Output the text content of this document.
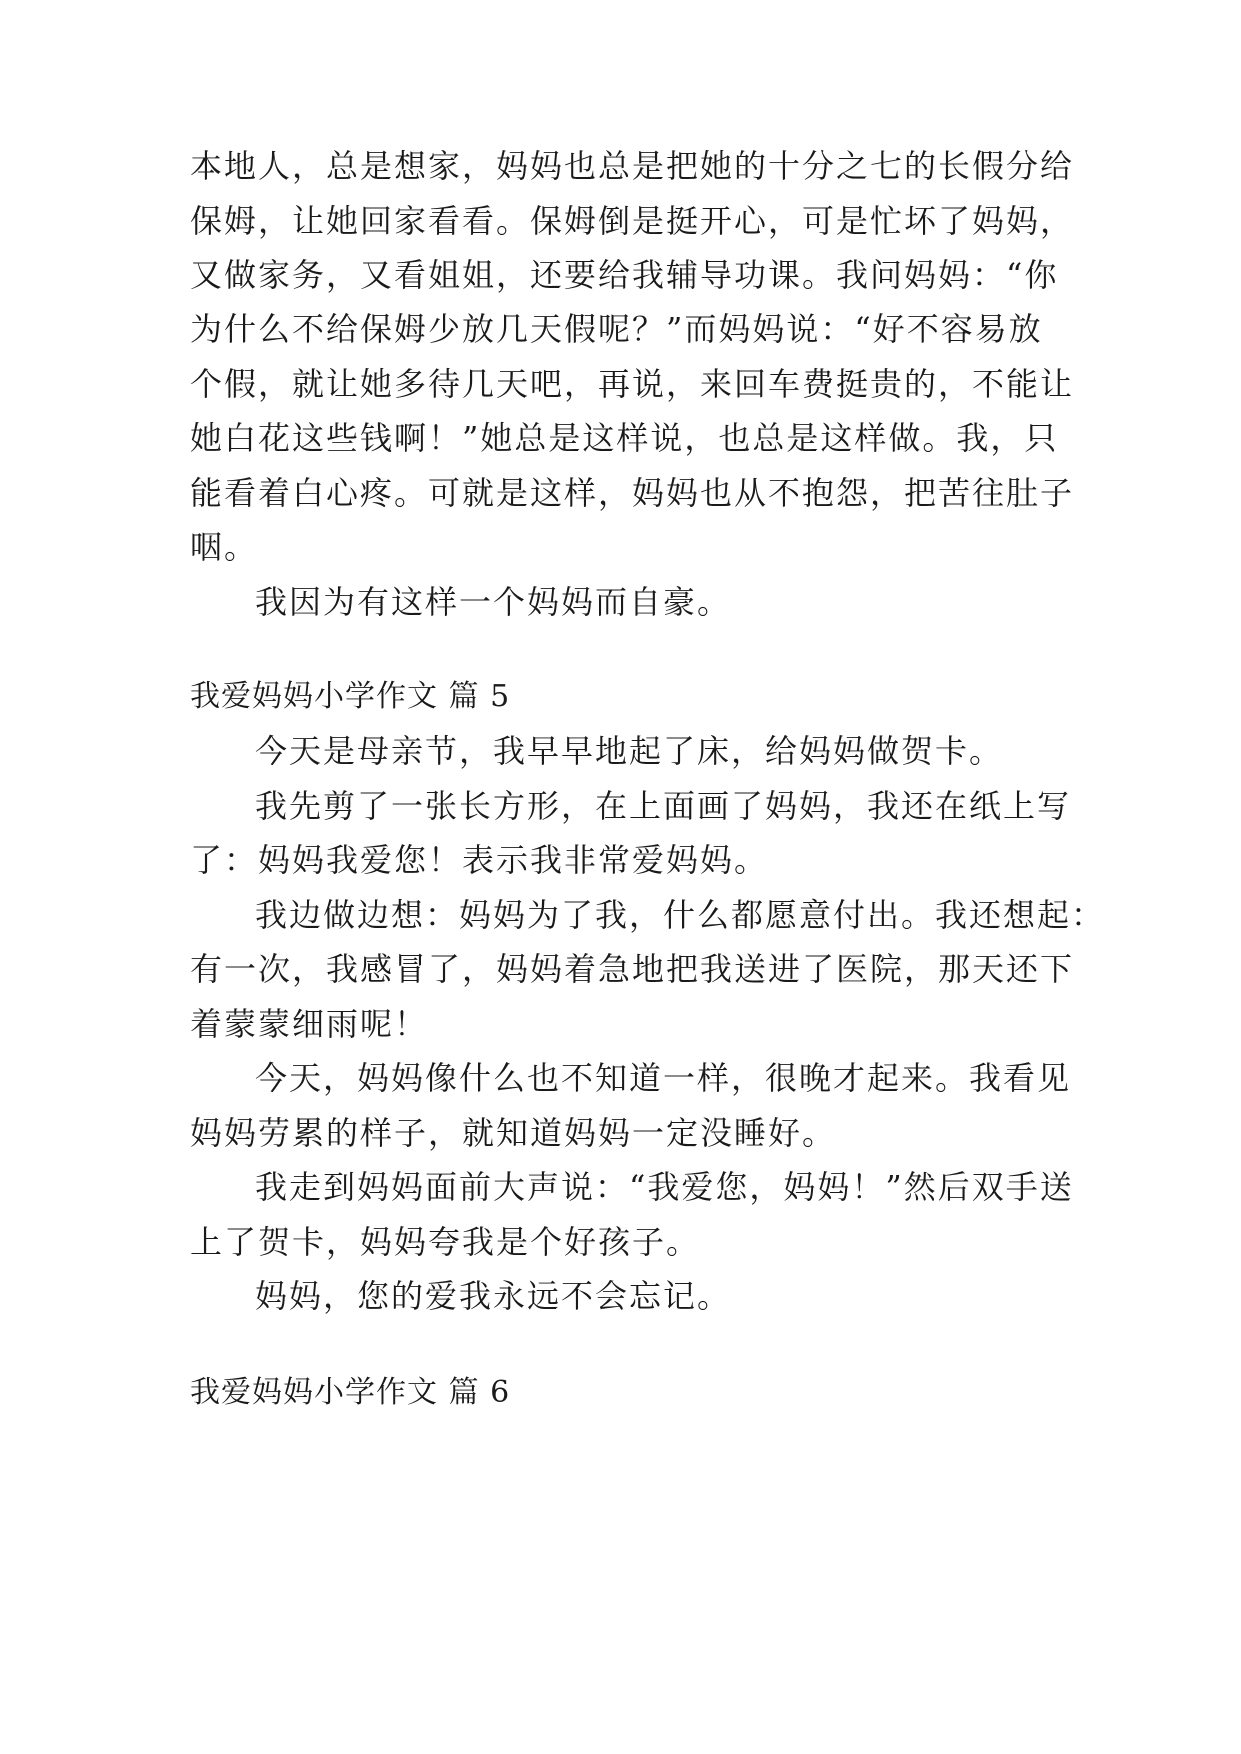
本地人，总是想家，妈妈也总是把她的十分之七的长假分给
保姆，让她回家看看。保姆倒是挺开心，可是忙坏了妈妈，
又做家务，又看姐姐，还要给我辅导功课。我问妈妈：“你
为什么不给保姆少放几天假呢？”而妈妈说：“好不容易放
个假，就让她多待几天吧，再说，来回车费挺贵的，不能让
她白花这些钱啊！”她总是这样说，也总是这样做。我，只
能看着白心疼。可就是这样，妈妈也从不抱怨，把苦往肚子
咽。
我因为有这样一个妈妈而自豪。
我爱妈妈小学作文 篇 5
今天是母亲节，我早早地起了床，给妈妈做贺卡。
我先剪了一张长方形，在上面画了妈妈，我还在纸上写
了：妈妈我爱您！表示我非常爱妈妈。
我边做边想：妈妈为了我，什么都愿意付出。我还想起：
有一次，我感冒了，妈妈着急地把我送进了医院，那天还下
着蒙蒙细雨呢！
今天，妈妈像什么也不知道一样，很晚才起来。我看见
妈妈劳累的样子，就知道妈妈一定没睡好。
我走到妈妈面前大声说：“我爱您，妈妈！”然后双手送
上了贺卡，妈妈夸我是个好孩子。
妈妈，您的爱我永远不会忘记。
我爱妈妈小学作文 篇 6
